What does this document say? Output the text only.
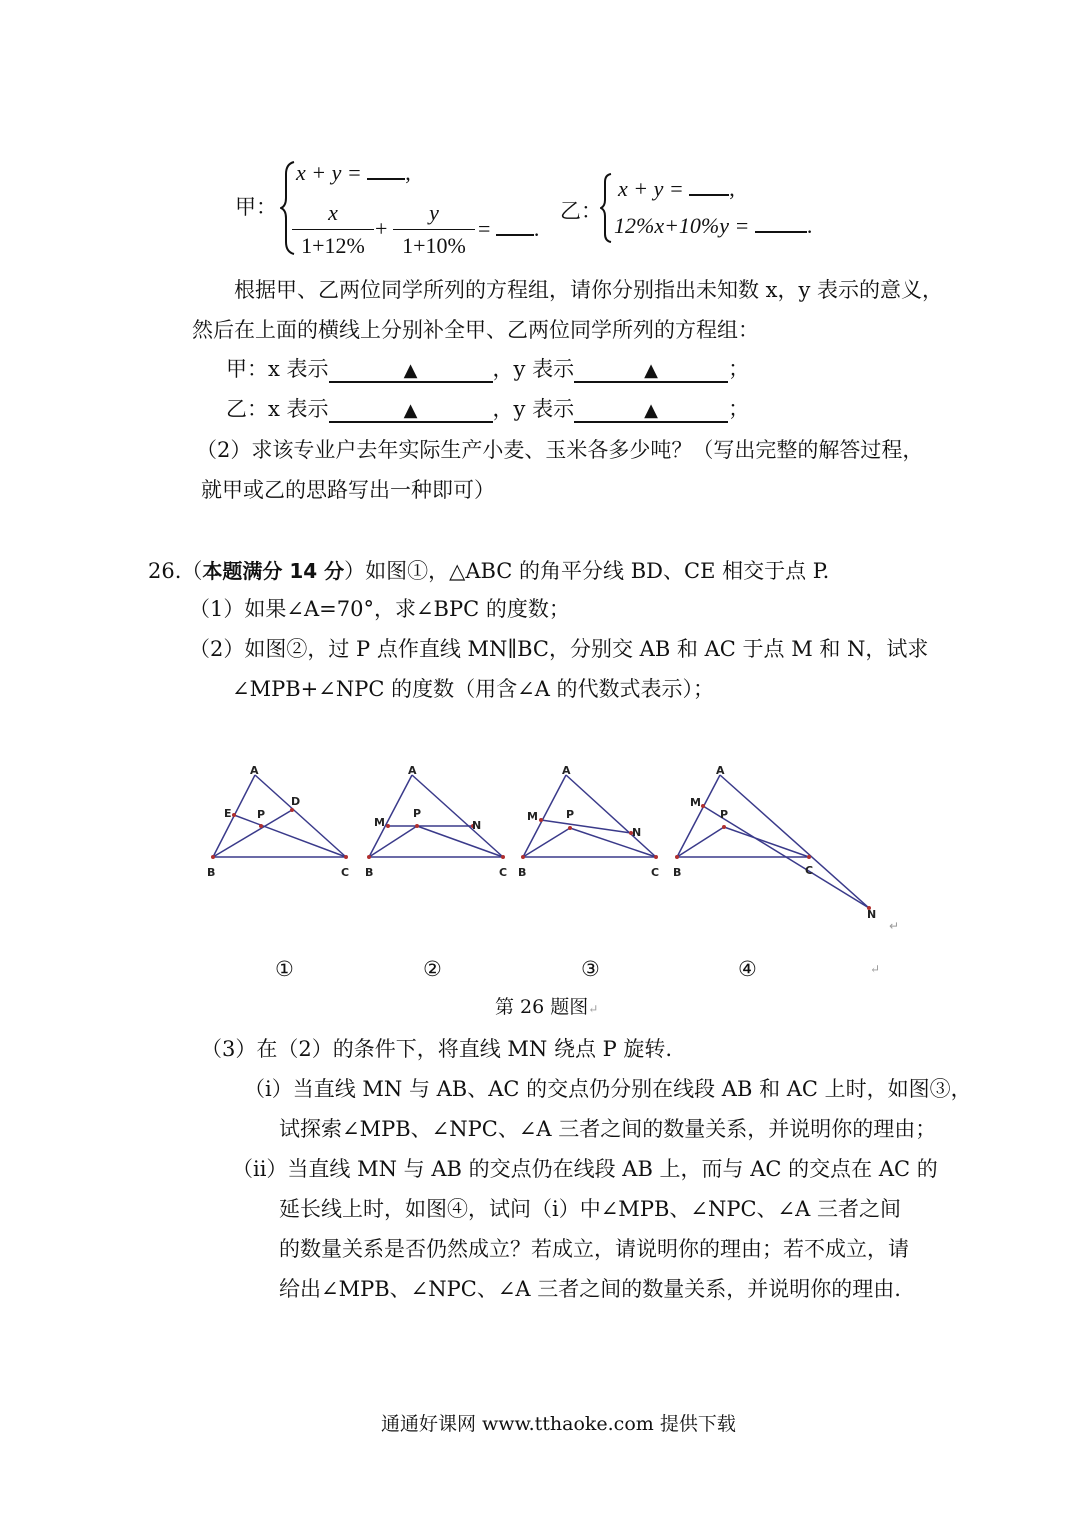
甲：
x + y = ,
x
1+12%
+
y
1+10%
= .
乙：
x + y = ,
12%x+10%y =	.
根据甲、乙两位同学所列的方程组，请你分别指出未知数 x，y 表示的意义，
然后在上面的横线上分别补全甲、乙两位同学所列的方程组：
甲：x 表示	▲	，y 表示	▲	；
乙：x 表示	▲	，y 表示	▲	；
（2）求该专业户去年实际生产小麦、玉米各多少吨？（写出完整的解答过程，
就甲或乙的思路写出一种即可）
26.（本题满分 14 分）如图①，△ABC 的角平分线 BD、CE 相交于点 P.
（1）如果∠A=70°，求∠BPC 的度数；
（2）如图②，过 P 点作直线 MN∥BC，分别交 AB 和 AC 于点 M 和 N，试求
∠MPB+∠NPC 的度数（用含∠A 的代数式表示）；
A
B	C
E
D
P
A
B	C
M	N
P
A
B	C
M
N
P
A
B	C
M
N
P
↵
①	②	③	④	↵
第 26 题图↵
（3）在（2）的条件下，将直线 MN 绕点 P 旋转.
（i）当直线 MN 与 AB、AC 的交点仍分别在线段 AB 和 AC 上时，如图③，
试探索∠MPB、∠NPC、∠A 三者之间的数量关系，并说明你的理由；
（ii）当直线 MN 与 AB 的交点仍在线段 AB 上，而与 AC 的交点在 AC 的
延长线上时，如图④，试问（i）中∠MPB、∠NPC、∠A 三者之间
的数量关系是否仍然成立？若成立，请说明你的理由；若不成立，请
给出∠MPB、∠NPC、∠A 三者之间的数量关系，并说明你的理由.
通通好课网 www.tthaoke.com 提供下载
